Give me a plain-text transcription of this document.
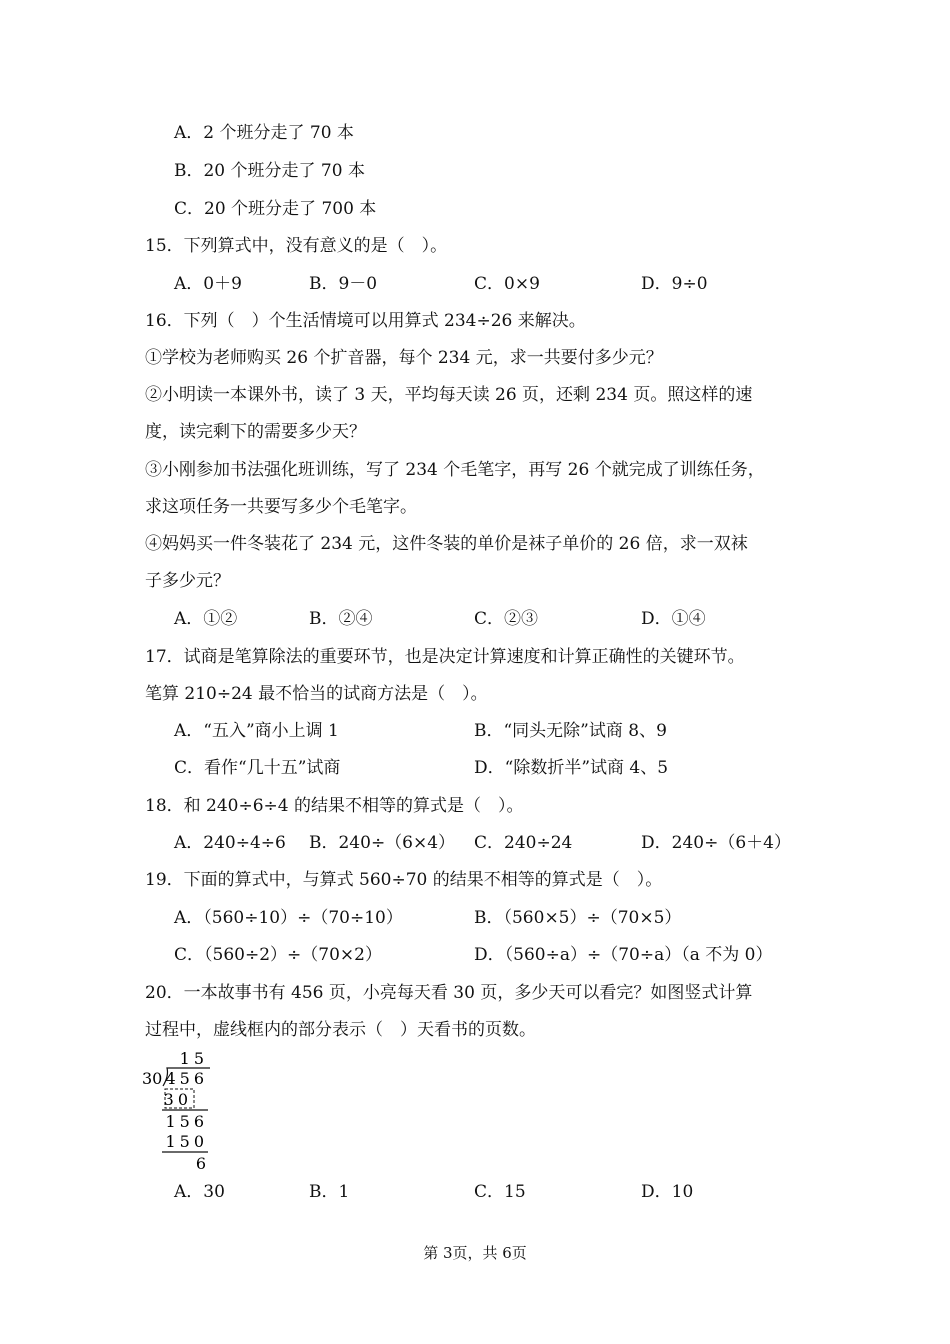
A．2 个班分走了 70 本
B．20 个班分走了 70 本
C．20 个班分走了 700 本
15．下列算式中，没有意义的是（　）。
A．0＋9	B．9－0	C．0×9	D．9÷0
16．下列（　）个生活情境可以用算式 234÷26 来解决。
①学校为老师购买 26 个扩音器，每个 234 元，求一共要付多少元？
②小明读一本课外书，读了 3 天，平均每天读 26 页，还剩 234 页。照这样的速
度，读完剩下的需要多少天？
③小刚参加书法强化班训练，写了 234 个毛笔字，再写 26 个就完成了训练任务，
求这项任务一共要写多少个毛笔字。
④妈妈买一件冬装花了 234 元，这件冬装的单价是袜子单价的 26 倍，求一双袜
子多少元？
A．①②	B．②④	C．②③	D．①④
17．试商是笔算除法的重要环节，也是决定计算速度和计算正确性的关键环节。
笔算 210÷24 最不恰当的试商方法是（　）。
A．“五入”商小上调 1	B．“同头无除”试商 8、9
C．看作“几十五”试商	D．“除数折半”试商 4、5
18．和 240÷6÷4 的结果不相等的算式是（　）。
A．240÷4÷6 B．240÷（6×4） C．240÷24	D．240÷（6＋4）
19．下面的算式中，与算式 560÷70 的结果不相等的算式是（　）。
A．（560÷10）÷（70÷10）	B．（560×5）÷（70×5）
C．（560÷2）÷（70×2）	D．（560÷a）÷（70÷a）（a 不为 0）
20．一本故事书有 456 页，小亮每天看 30 页，多少天可以看完？如图竖式计算
过程中，虚线框内的部分表示（　）天看书的页数。
15
30 456
30
156
150
6
A．30	B．1	C．15	D．10
第 3页，共 6页
